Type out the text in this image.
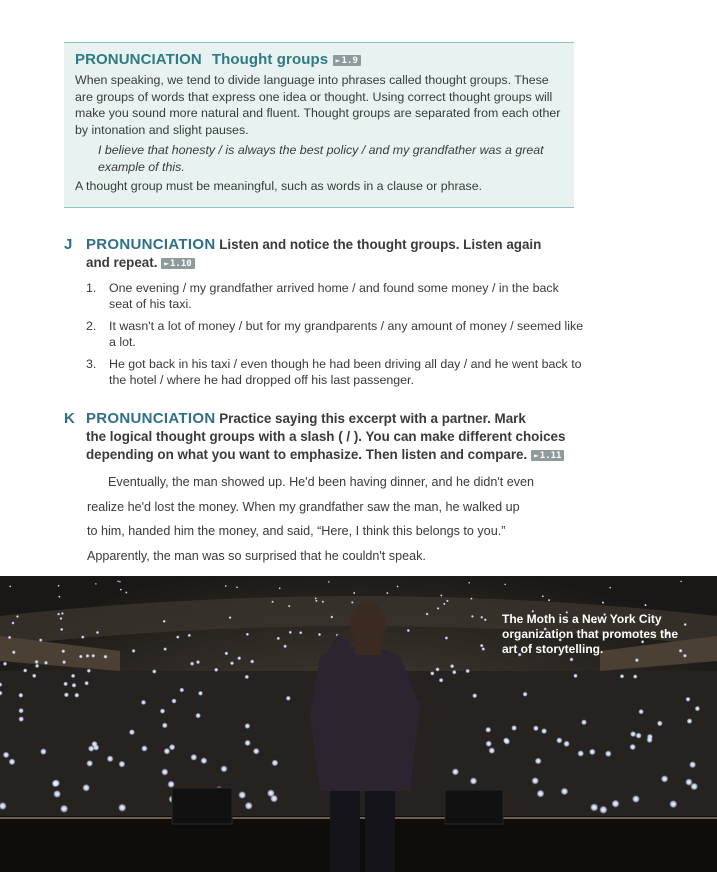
PRONUNCIATION Thought groups ►1.9

When speaking, we tend to divide language into phrases called thought groups. These are groups of words that express one idea or thought. Using correct thought groups will make you sound more natural and fluent. Thought groups are separated from each other by intonation and slight pauses.

I believe that honesty / is always the best policy / and my grandfather was a great example of this.

A thought group must be meaningful, such as words in a clause or phrase.

J PRONUNCIATION Listen and notice the thought groups. Listen again
and repeat. ►1.10
1. One evening / my grandfather arrived home / and found some money / in the back seat of his taxi.
2. It wasn't a lot of money / but for my grandparents / any amount of money / seemed like a lot.
3. He got back in his taxi / even though he had been driving all day / and he went back to the hotel / where he had dropped off his last passenger.
K PRONUNCIATION Practice saying this excerpt with a partner. Mark
the logical thought groups with a slash ( / ). You can make different choices
depending on what you want to emphasize. Then listen and compare. ►1.11

Eventually, the man showed up. He'd been having dinner, and he didn't even

realize he'd lost the money. When my grandfather saw the man, he walked up

to him, handed him the money, and said, “Here, I think this belongs to you.”

Apparently, the man was so surprised that he couldn't speak.

The Moth is a New York City organization that promotes the art of storytelling.
